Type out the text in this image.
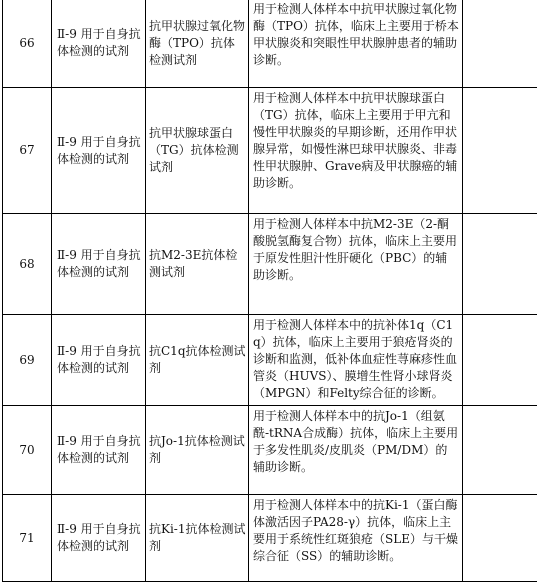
66	Ⅱ-9 用于自身抗体检测的试剂	抗甲状腺过氧化物酶（TPO）抗体检测试剂	用于检测人体样本中抗甲状腺过氧化物酶（TPO）抗体，临床上主要用于桥本甲状腺炎和突眼性甲状腺肿患者的辅助诊断。	

67	Ⅱ-9 用于自身抗体检测的试剂	抗甲状腺球蛋白（TG）抗体检测试剂	用于检测人体样本中抗甲状腺球蛋白（TG）抗体，临床上主要用于甲亢和慢性甲状腺炎的早期诊断，还用作甲状腺异常，如慢性淋巴球甲状腺炎、非毒性甲状腺肿、Grave病及甲状腺癌的辅助诊断。	

68	Ⅱ-9 用于自身抗体检测的试剂	抗M2-3E抗体检测试剂	用于检测人体样本中抗M2-3E（2-酮酸脱氢酶复合物）抗体，临床上主要用于原发性胆汁性肝硬化（PBC）的辅助诊断。	

69	Ⅱ-9 用于自身抗体检测的试剂	抗C1q抗体检测试剂	用于检测人体样本中的抗补体1q（C1q）抗体，临床上主要用于狼疮肾炎的诊断和监测，低补体血症性荨麻疹性血管炎（HUVS）、膜增生性肾小球肾炎（MPGN）和Felty综合征的诊断。	

70	Ⅱ-9 用于自身抗体检测的试剂	抗Jo-1抗体检测试剂	用于检测人体样本中的抗Jo-1（组氨酰-tRNA合成酶）抗体，临床上主要用于多发性肌炎/皮肌炎（PM/DM）的辅助诊断。	

71	Ⅱ-9 用于自身抗体检测的试剂	抗Ki-1抗体检测试剂	用于检测人体样本中的抗Ki-1（蛋白酶体激活因子PA28-γ）抗体，临床上主要用于系统性红斑狼疮（SLE）与干燥综合征（SS）的辅助诊断。	
